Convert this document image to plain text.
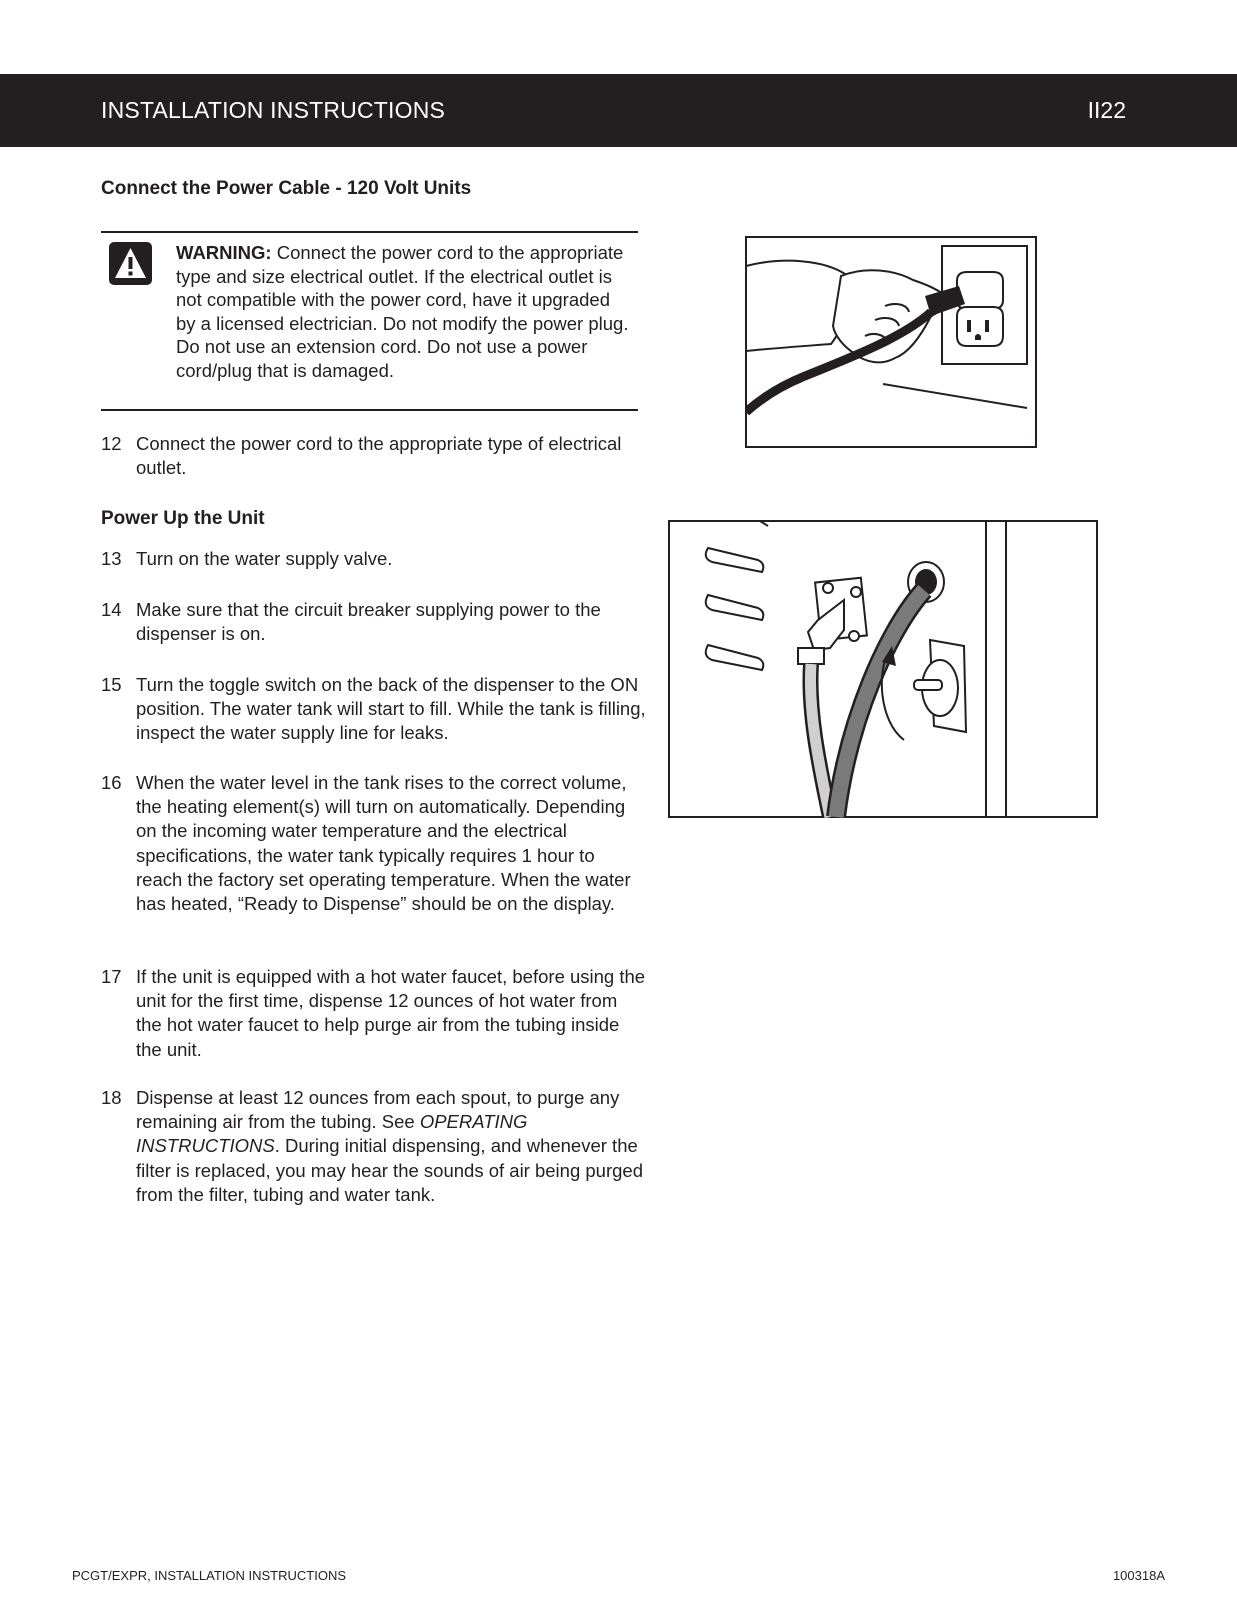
INSTALLATION INSTRUCTIONS	II22
Connect the Power Cable - 120 Volt Units
WARNING: Connect the power cord to the appropriate type and size electrical outlet. If the electrical outlet is not compatible with the power cord, have it upgraded by a licensed electrician. Do not modify the power plug. Do not use an extension cord. Do not use a power cord/plug that is damaged.
12 Connect the power cord to the appropriate type of electrical outlet.
Power Up the Unit
13 Turn on the water supply valve.
14 Make sure that the circuit breaker supplying power to the dispenser is on.
15 Turn the toggle switch on the back of the dispenser to the ON position. The water tank will start to fill. While the tank is filling, inspect the water supply line for leaks.
16 When the water level in the tank rises to the correct volume, the heating element(s) will turn on automatically. Depending on the incoming water temperature and the electrical specifications, the water tank typically requires 1 hour to reach the factory set operating temperature. When the water has heated, “Ready to Dispense” should be on the display.
17 If the unit is equipped with a hot water faucet, before using the unit for the first time, dispense 12 ounces of hot water from the hot water faucet to help purge air from the tubing inside the unit.
18 Dispense at least 12 ounces from each spout, to purge any remaining air from the tubing. See OPERATING INSTRUCTIONS. During initial dispensing, and whenever the filter is replaced, you may hear the sounds of air being purged from the filter, tubing and water tank.
PCGT/EXPR, INSTALLATION INSTRUCTIONS	100318A
